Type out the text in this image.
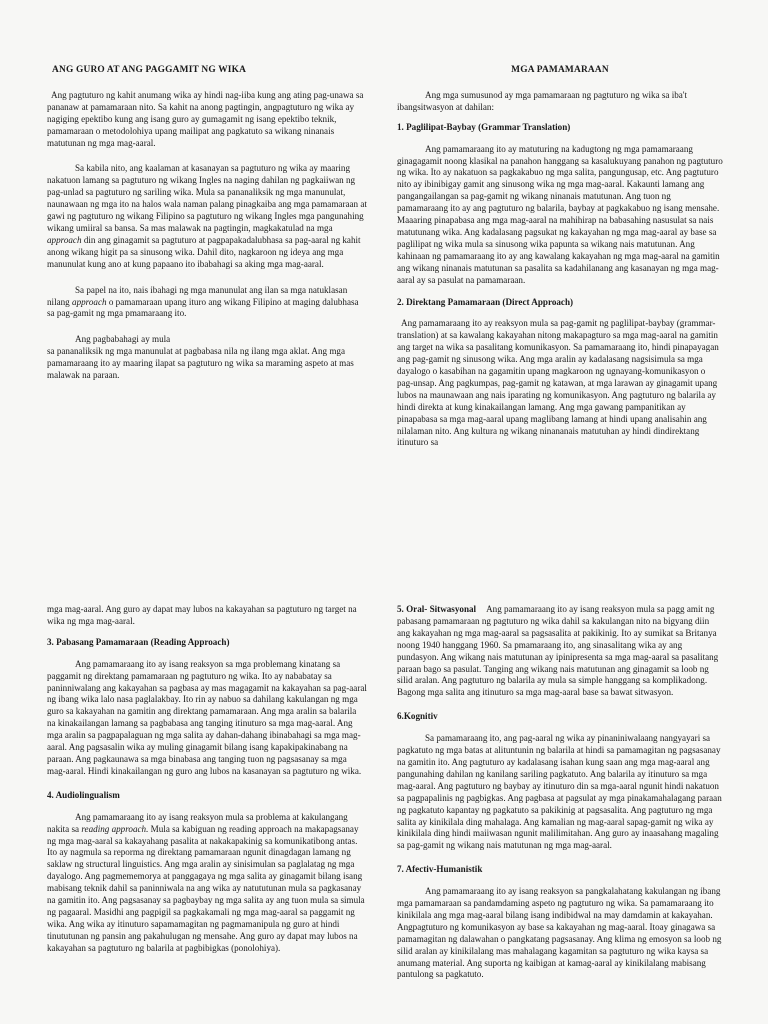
ANG GURO AT ANG PAGGAMIT NG WIKA

Ang pagtuturo ng kahit anumang wika ay hindi nag-iiba kung ang ating pag-unawa sa pananaw at pamamaraan nito. Sa kahit na anong pagtingin, angpagtuturo ng wika ay nagiging epektibo kung ang isang guro ay gumagamit ng isang epektibo teknik, pamamaraan o metodolohiya upang mailipat ang pagkatuto sa wikang ninanais matutunan ng mga mag-aaral.

Sa kabila nito, ang kaalaman at kasanayan sa pagtuturo ng wika ay maaring nakatuon lamang sa pagtuturo ng wikang Ingles na naging dahilan ng pagkaiiwan ng pag-unlad sa pagtuturo ng sariling wika. Mula sa pananaliksik ng mga manunulat, naunawaan ng mga ito na halos wala naman palang pinagkaiba ang mga pamamaraan at gawi ng pagtuturo ng wikang Filipino sa pagtuturo ng wikang Ingles mga pangunahing wikang umiiral sa bansa. Sa mas malawak na pagtingin, magkakatulad na mga approach din ang ginagamit sa pagtuturo at pagpapakadalubhasa sa pag-aaral ng kahit anong wikang higit pa sa sinusong wika. Dahil dito, nagkaroon ng ideya ang mga manunulat kung ano at kung papaano ito ibabahagi sa aking mga mag-aaral.

Sa papel na ito, nais ibahagi ng mga manunulat ang ilan sa mga natuklasan nilang approach o pamamaraan upang ituro ang wikang Filipino at maging dalubhasa sa pag-gamit ng mga pmamaraang ito.

Ang pagbabahagi ay mula
sa pananaliksik ng mga manunulat at pagbabasa nila ng ilang mga aklat. Ang mga pamamaraang ito ay maaring ilapat sa pagtuturo ng wika sa maraming aspeto at mas malawak na paraan.

MGA PAMAMARAAN

Ang mga sumusunod ay mga pamamaraan ng pagtuturo ng wika sa iba't ibangsitwasyon at dahilan:

1. Paglilipat-Baybay (Grammar Translation)

Ang pamamaraang ito ay matuturing na kadugtong ng mga pamamaraang ginagagamit noong klasikal na panahon hanggang sa kasalukuyang panahon ng pagtuturo ng wika. Ito ay nakatuon sa pagkakabuo ng mga salita, pangungusap, etc. Ang pagtuturo nito ay ibinibigay gamit ang sinusong wika ng mga mag-aaral. Kakaunti lamang ang pangangailangan sa pag-gamit ng wikang ninanais matutunan. Ang tuon ng pamamaraang ito ay ang pagtuturo ng balarila, baybay at pagkakabuo ng isang mensahe. Maaaring pinapabasa ang mga mag-aaral na mahihirap na babasahing nasusulat sa nais matutunang wika. Ang kadalasang pagsukat ng kakayahan ng mga mag-aaral ay base sa paglilipat ng wika mula sa sinusong wika papunta sa wikang nais matutunan. Ang kahinaan ng pamamaraang ito ay ang kawalang kakayahan ng mga mag-aaral na gamitin ang wikang ninanais matutunan sa pasalita sa kadahilanang ang kasanayan ng mga mag-aaral ay sa pasulat na pamamaraan.

2. Direktang Pamamaraan (Direct Approach)

Ang pamamaraang ito ay reaksyon mula sa pag-gamit ng paglilipat-baybay (grammar-translation) at sa kawalang kakayahan nitong makapagturo sa mga mag-aaral na gamitin ang target na wika sa pasalitang komunikasyon. Sa pamamaraang ito, hindi pinapayagan ang pag-gamit ng sinusong wika. Ang mga aralin ay kadalasang nagsisimula sa mga dayalogo o kasabihan na gagamitin upang magkaroon ng ugnayang-komunikasyon o pag-unsap. Ang pagkumpas, pag-gamit ng katawan, at mga larawan ay ginagamit upang lubos na maunawaan ang nais iparating ng komunikasyon. Ang pagtuturo ng balarila ay hindi direkta at kung kinakailangan lamang. Ang mga gawang pampanitikan ay pinapabasa sa mga mag-aaral upang maglibang lamang at hindi upang analisahin ang nilalaman nito. Ang kultura ng wikang ninananais matutuhan ay hindi dindirektang itinuturo sa

mga mag-aaral. Ang guro ay dapat may lubos na kakayahan sa pagtuturo ng target na wika ng mga mag-aaral.

3. Pabasang Pamamaraan (Reading Approach)

Ang pamamaraang ito ay isang reaksyon sa mga problemang kinatang sa paggamit ng direktang pamamaraan ng pagtuturo ng wika. Ito ay nababatay sa paninniwalang ang kakayahan sa pagbasa ay mas magagamit na kakayahan sa pag-aaral ng ibang wika lalo nasa paglalakbay. Ito rin ay nabuo sa dahilang kakulangan ng mga guro sa kakayahan na gamitin ang direktang pamamaraan. Ang mga aralin sa balarila na kinakailangan lamang sa pagbabasa ang tanging itinuturo sa mga mag-aaral. Ang mga aralin sa pagpapalaguan ng mga salita ay dahan-dahang ibinabahagi sa mga mag-aaral. Ang pagsasalin wika ay muling ginagamit bilang isang kapakipakinabang na paraan. Ang pagkaunawa sa mga binabasa ang tanging tuon ng pagsasanay sa mga mag-aaral. Hindi kinakailangan ng guro ang lubos na kasanayan sa pagtuturo ng wika.

4. Audiolingualism

Ang pamamaraang ito ay isang reaksyon mula sa problema at kakulangang nakita sa reading approach. Mula sa kabiguan ng reading approach na makapagsanay ng mga mag-aaral sa kakayahang pasalita at nakakapakinig sa komunikatibong antas. Ito ay nagmula sa reporma ng direktang pamamaraan ngunit dinagdagan lamang ng saklaw ng structural linguistics. Ang mga aralin ay sinisimulan sa paglalatag ng mga dayalogo. Ang pagmememorya at panggagaya ng mga salita ay ginagamit bilang isang mabisang teknik dahil sa paninniwala na ang wika ay natututunan mula sa pagkasanay na gamitin ito. Ang pagsasanay sa pagbaybay ng mga salita ay ang tuon mula sa simula ng pagaaral. Masidhi ang pagpigil sa pagkakamali ng mga mag-aaral sa paggamit ng wika. Ang wika ay itinuturo sapamamagitan ng pagmamanipula ng guro at hindi tinututunan ng pansin ang pakahulugan ng mensahe. Ang guro ay dapat may lubos na kakayahan sa pagtuturo ng balarila at pagbibigkas (ponolohiya).

5. Oral- Sitwasyonal Ang pamamaraang ito ay isang reaksyon mula sa pagg amit ng pabasang pamamaraan ng pagtuturo ng wika dahil sa kakulangan nito na bigyang diin ang kakayahan ng mga mag-aaral sa pagsasalita at pakikinig. Ito ay sumikat sa Britanya noong 1940 hanggang 1960. Sa pmamaraang ito, ang sinasalitang wika ay ang pundasyon. Ang wikang nais matutunan ay ipinipresenta sa mga mag-aaral sa pasalitang paraan bago sa pasulat. Tanging ang wikang nais matutunan ang ginagamit sa loob ng silid aralan. Ang pagtuturo ng balarila ay mula sa simple hanggang sa komplikadong. Bagong mga salita ang itinuturo sa mga mag-aaral base sa bawat sitwasyon.

6.Kognitiv

Sa pamamaraang ito, ang pag-aaral ng wika ay pinaniniwalaang nangyayari sa pagkatuto ng mga batas at alituntunin ng balarila at hindi sa pamamagitan ng pagsasanay na gamitin ito. Ang pagtuturo ay kadalasang isahan kung saan ang mga mag-aaral ang pangunahing dahilan ng kanilang sariling pagkatuto. Ang balarila ay itinuturo sa mga mag-aaral. Ang pagtuturo ng baybay ay itinuturo din sa mga-aaral ngunit hindi nakatuon sa pagpapalinis ng pagbigkas. Ang pagbasa at pagsulat ay mga pinakamahalagang paraan ng pagkatuto kapantay ng pagkatuto sa pakikinig at pagsasalita. Ang pagtuturo ng mga salita ay kinikilala ding mahalaga. Ang kamalian ng mag-aaral sapag-gamit ng wika ay kinikilala ding hindi maiiwasan ngunit malilimitahan. Ang guro ay inaasahang magaling sa pag-gamit ng wikang nais matutunan ng mga mag-aaral.

7. Afectiv-Humanistik

Ang pamamaraang ito ay isang reaksyon sa pangkalahatang kakulangan ng ibang mga pamamaraan sa pandamdaming aspeto ng pagtuturo ng wika. Sa pamamaraang ito kinikilala ang mga mag-aaral bilang isang indibidwal na may damdamin at kakayahan. Angpagtuturo ng komunikasyon ay base sa kakayahan ng mag-aaral. Itoay ginagawa sa pamamagitan ng dalawahan o pangkatang pagsasanay. Ang klima ng emosyon sa loob ng silid aralan ay kinikilalang mas mahalagang kagamitan sa pagtuturo ng wika kaysa sa anumang material. Ang suporta ng kaibigan at kamag-aaral ay kinikilalang mabisang pantulong sa pagkatuto.
